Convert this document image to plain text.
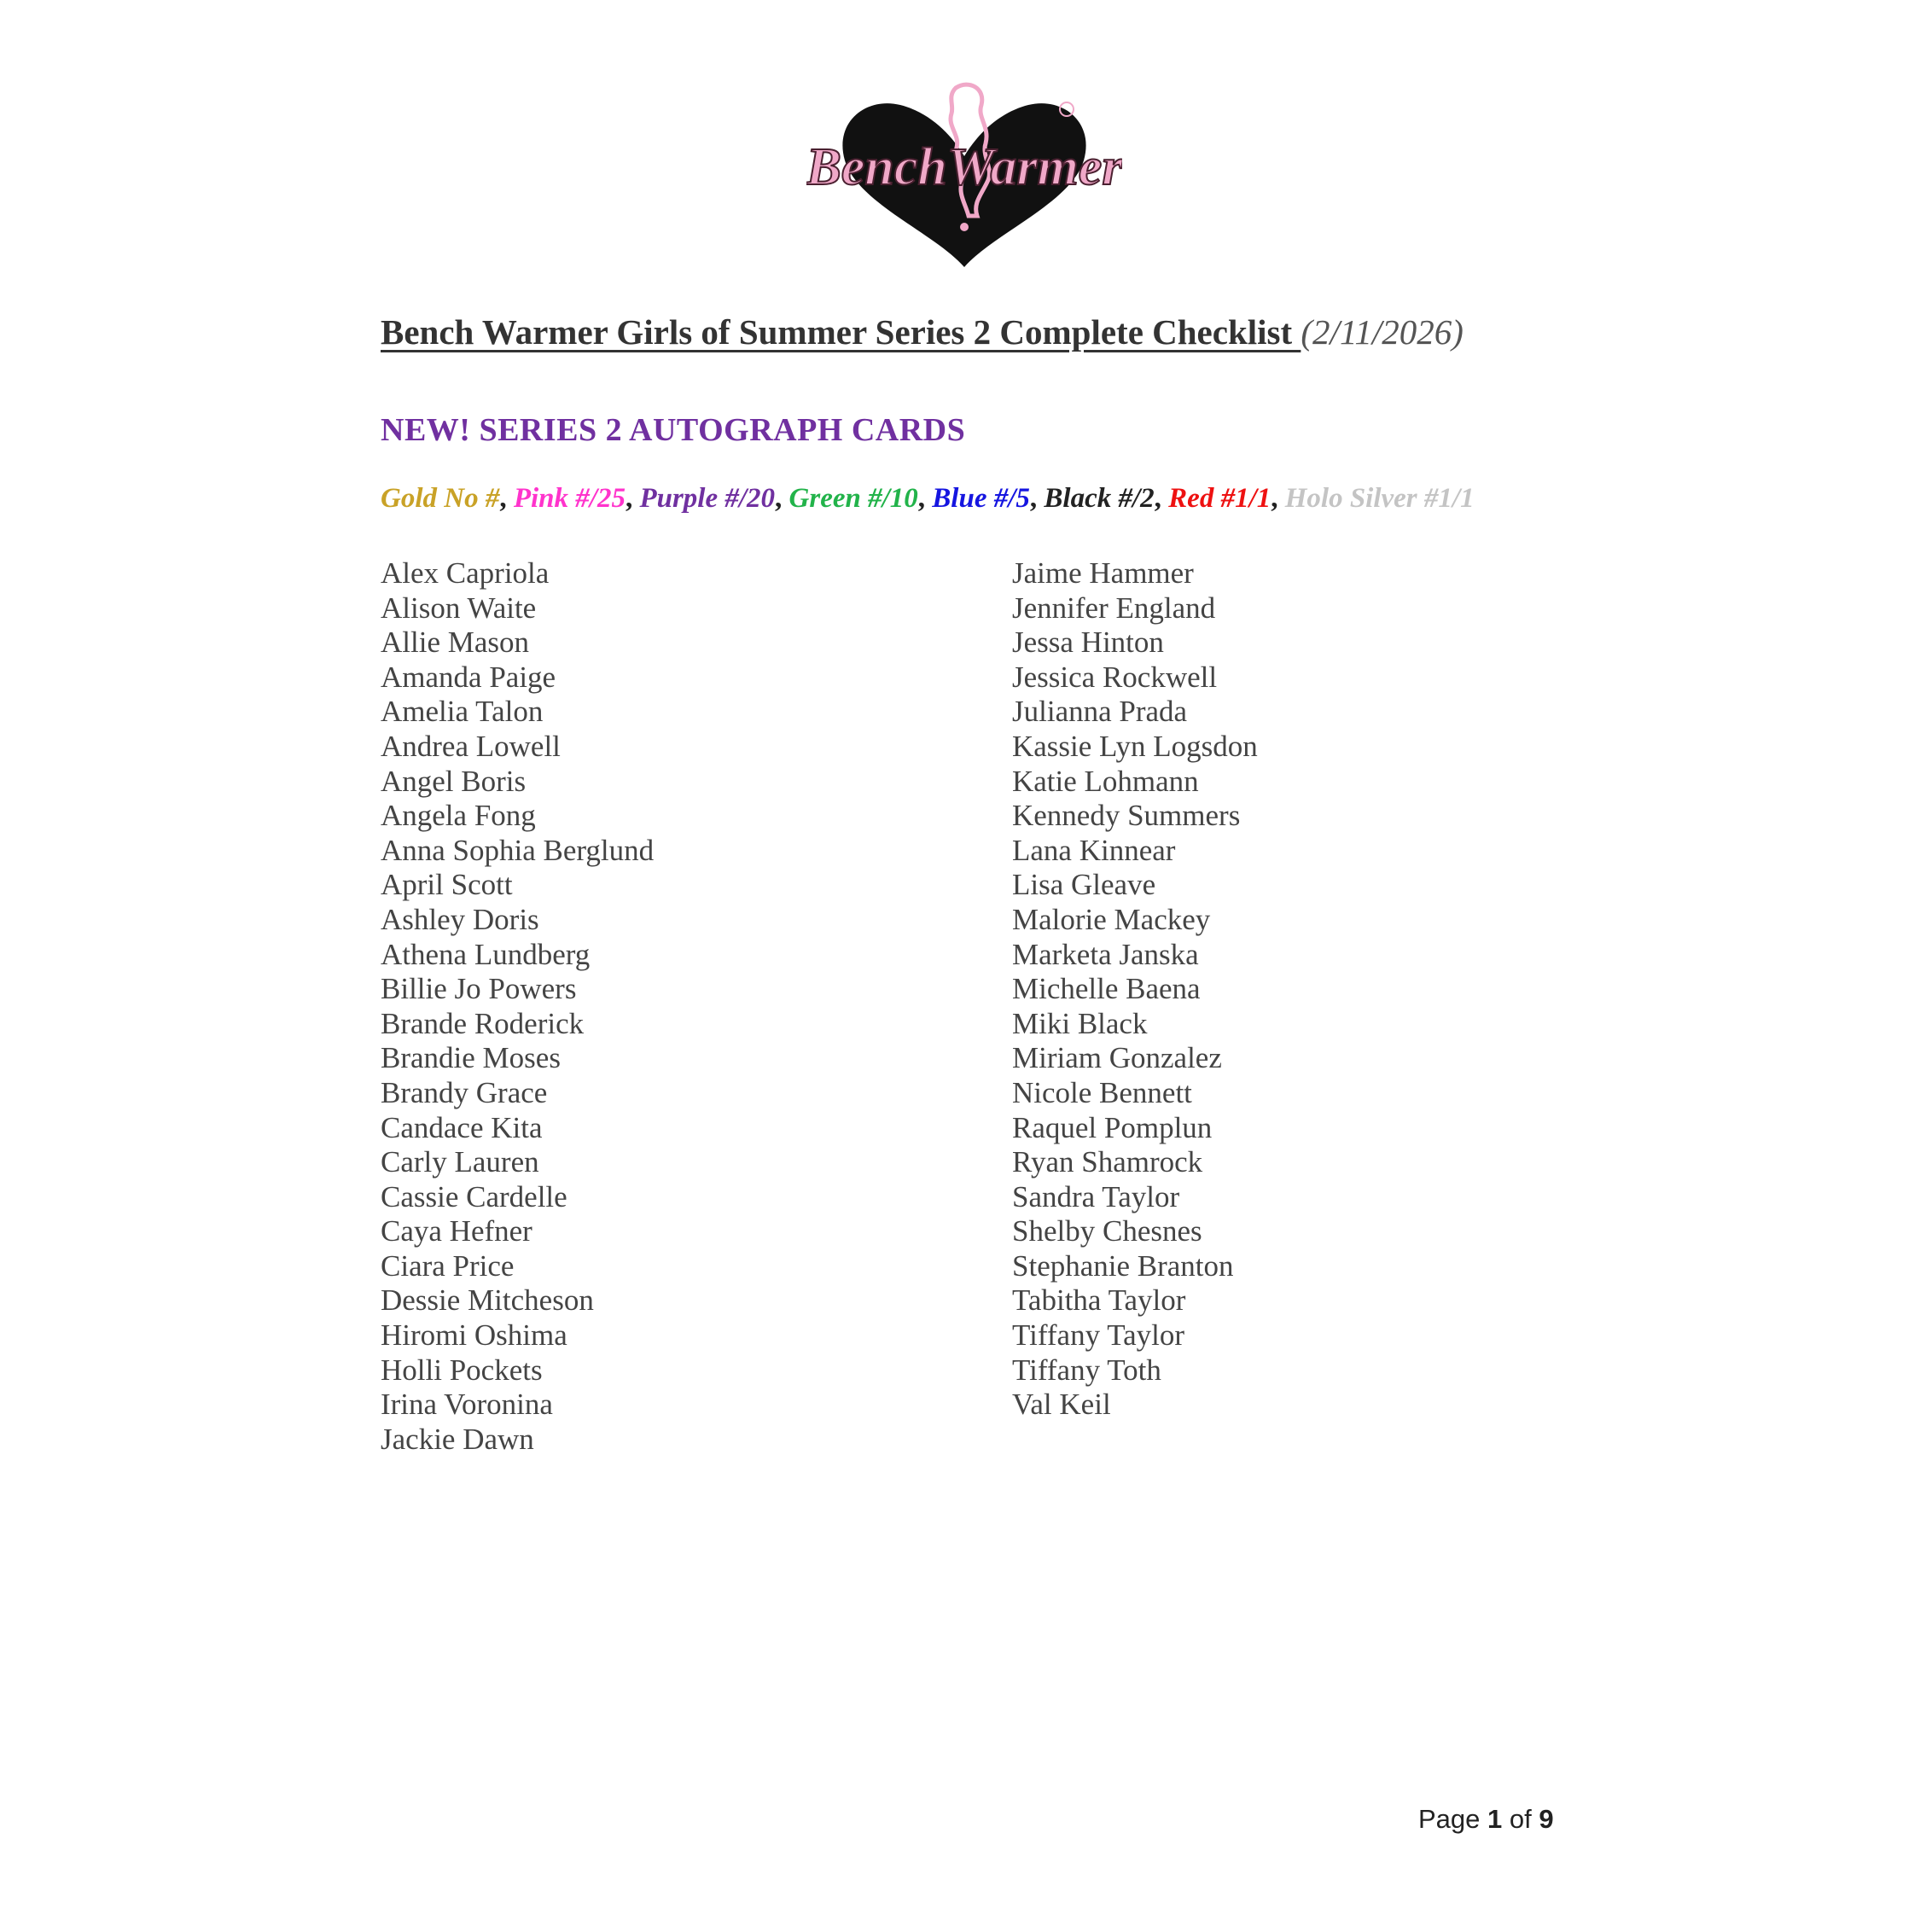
BenchWarmer
Bench Warmer Girls of Summer Series 2 Complete Checklist (2/11/2026)
NEW! SERIES 2 AUTOGRAPH CARDS
Gold No #, Pink #/25, Purple #/20, Green #/10, Blue #/5, Black #/2, Red #1/1, Holo Silver #1/1
Alex Capriola
Alison Waite
Allie Mason
Amanda Paige
Amelia Talon
Andrea Lowell
Angel Boris
Angela Fong
Anna Sophia Berglund
April Scott
Ashley Doris
Athena Lundberg
Billie Jo Powers
Brande Roderick
Brandie Moses
Brandy Grace
Candace Kita
Carly Lauren
Cassie Cardelle
Caya Hefner
Ciara Price
Dessie Mitcheson
Hiromi Oshima
Holli Pockets
Irina Voronina
Jackie Dawn
Jaime Hammer
Jennifer England
Jessa Hinton
Jessica Rockwell
Julianna Prada
Kassie Lyn Logsdon
Katie Lohmann
Kennedy Summers
Lana Kinnear
Lisa Gleave
Malorie Mackey
Marketa Janska
Michelle Baena
Miki Black
Miriam Gonzalez
Nicole Bennett
Raquel Pomplun
Ryan Shamrock
Sandra Taylor
Shelby Chesnes
Stephanie Branton
Tabitha Taylor
Tiffany Taylor
Tiffany Toth
Val Keil
Page 1 of 9
